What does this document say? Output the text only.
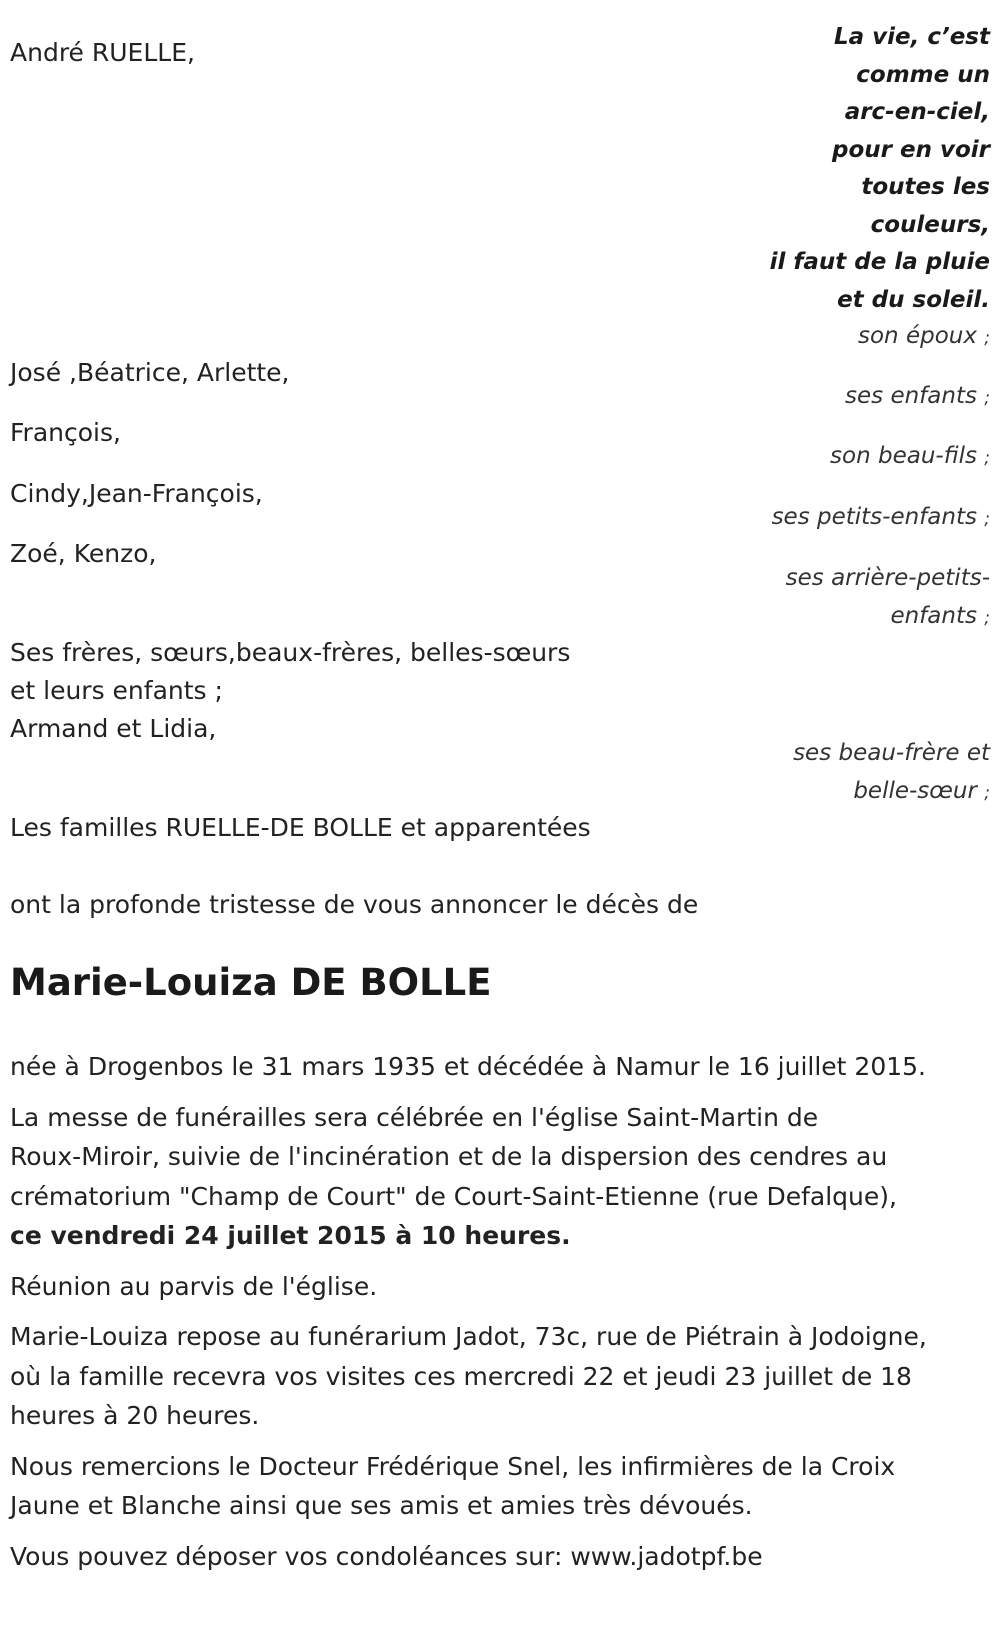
André RUELLE,
José ,Béatrice, Arlette,
François,
Cindy,Jean-François,
Zoé, Kenzo,
Ses frères, sœurs,beaux-frères, belles-sœurs
et leurs enfants ;
Armand et Lidia,
Les familles RUELLE-DE BOLLE et apparentées
ont la profonde tristesse de vous annoncer le décès de
La vie, c’est
comme un
arc-en-ciel,
pour en voir
toutes les
couleurs,
il faut de la pluie
et du soleil.
son époux ;
ses enfants ;
son beau-fils ;
ses petits-enfants ;
ses arrière-petits-
enfants ;
ses beau-frère et
belle-sœur ;
Marie-Louiza DE BOLLE
née à Drogenbos le 31 mars 1935 et décédée à Namur le 16 juillet 2015.
La messe de funérailles sera célébrée en l'église Saint-Martin de
Roux-Miroir, suivie de l'incinération et de la dispersion des cendres au
crématorium "Champ de Court" de Court-Saint-Etienne (rue Defalque),
ce vendredi 24 juillet 2015 à 10 heures.
Réunion au parvis de l'église.
Marie-Louiza repose au funérarium Jadot, 73c, rue de Piétrain à Jodoigne,
où la famille recevra vos visites ces mercredi 22 et jeudi 23 juillet de 18
heures à 20 heures.
Nous remercions le Docteur Frédérique Snel, les infirmières de la Croix
Jaune et Blanche ainsi que ses amis et amies très dévoués.
Vous pouvez déposer vos condoléances sur: www.jadotpf.be
